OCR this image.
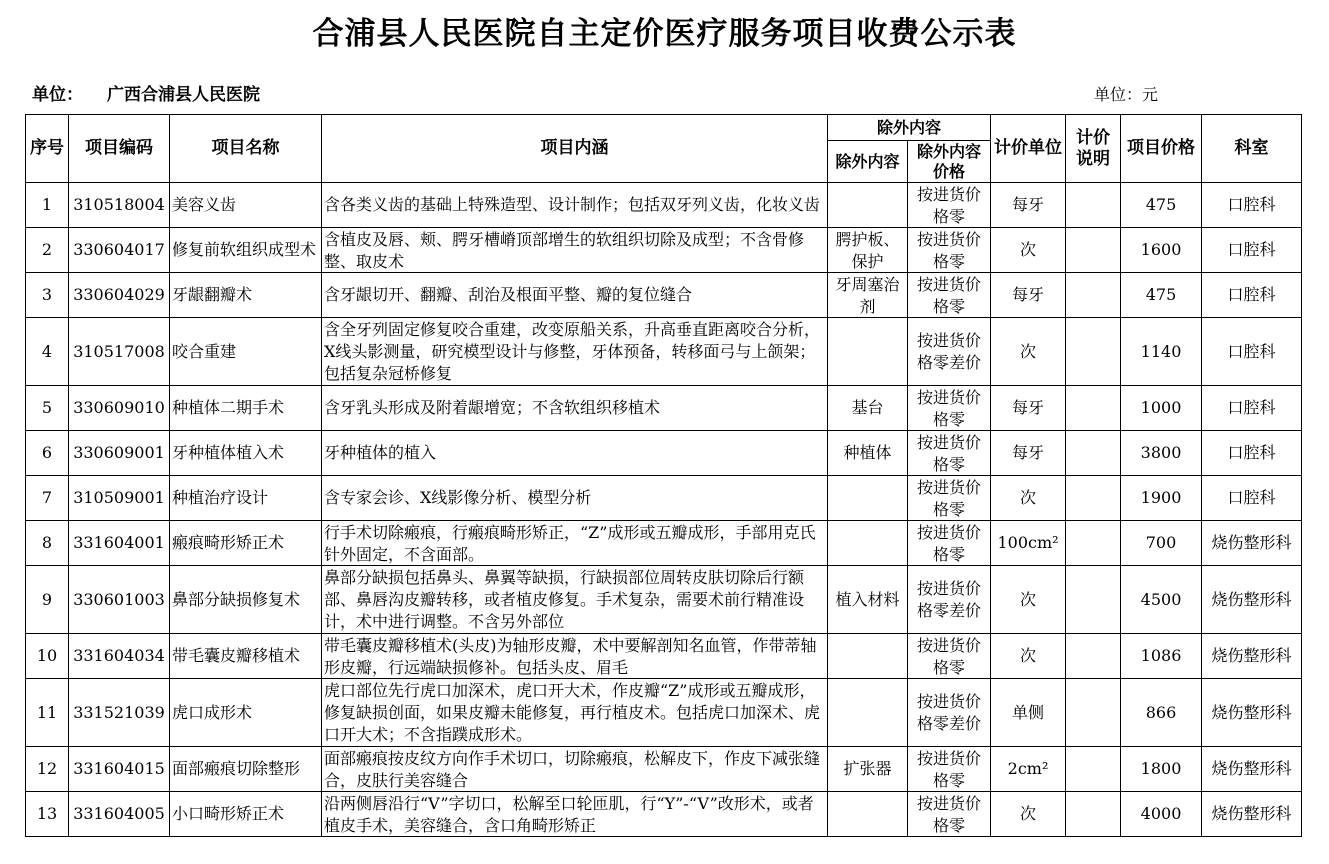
合浦县人民医院自主定价医疗服务项目收费公示表
单位： 广西合浦县人民医院	单位：元
序号	项目编码	项目名称	项目内涵	除外内容		计价单位	计价说明	项目价格	科室
				除外内容	除外内容价格				

1	310518004	美容义齿	含各类义齿的基础上特殊造型、设计制作；包括双牙列义齿，化妆义齿		按进货价格零	每牙		475	口腔科

2	330604017	修复前软组织成型术	含植皮及唇、颊、腭牙槽嵴顶部增生的软组织切除及成型；不含骨修整、取皮术	腭护板、保护	按进货价格零	次		1600	口腔科

3	330604029	牙龈翻瓣术	含牙龈切开、翻瓣、刮治及根面平整、瓣的复位缝合	牙周塞治剂	按进货价格零	每牙		475	口腔科

4	310517008	咬合重建	含全牙列固定修复咬合重建，改变原船关系，升高垂直距离咬合分析， X线头影测量，研究模型设计与修整，牙体预备，转移面弓与上颌架；包括复杂冠桥修复		按进货价格零差价	次		1140	口腔科

5	330609010	种植体二期手术	含牙乳头形成及附着龈增宽；不含软组织移植术	基台	按进货价格零	每牙		1000	口腔科

6	330609001	牙种植体植入术	牙种植体的植入	种植体	按进货价格零	每牙		3800	口腔科

7	310509001	种植治疗设计	含专家会诊、X线影像分析、模型分析		按进货价格零	次		1900	口腔科

8	331604001	瘢痕畸形矫正术	行手术切除瘢痕，行瘢痕畸形矫正，“Z”成形或五瓣成形，手部用克氏针外固定，不含面部。		按进货价格零	100cm²		700	烧伤整形科

9	330601003	鼻部分缺损修复术	鼻部分缺损包括鼻头、鼻翼等缺损，行缺损部位周转皮肤切除后行额部、鼻唇沟皮瓣转移，或者植皮修复。手术复杂，需要术前行精准设计，术中进行调整。不含另外部位	植入材料	按进货价格零差价	次		4500	烧伤整形科

10	331604034	带毛囊皮瓣移植术	带毛囊皮瓣移植术(头皮)为轴形皮瓣，术中要解剖知名血管，作带蒂轴形皮瓣，行远端缺损修补。包括头皮、眉毛		按进货价格零	次		1086	烧伤整形科

11	331521039	虎口成形术	虎口部位先行虎口加深术，虎口开大术，作皮瓣“Z”成形或五瓣成形，修复缺损创面，如果皮瓣未能修复，再行植皮术。包括虎口加深术、虎口开大术；不含指蹼成形术。		按进货价格零差价	单侧		866	烧伤整形科

12	331604015	面部瘢痕切除整形	面部瘢痕按皮纹方向作手术切口，切除瘢痕，松解皮下，作皮下减张缝合，皮肤行美容缝合	扩张器	按进货价格零	2cm²		1800	烧伤整形科

13	331604005	小口畸形矫正术	沿两侧唇沿行“V”字切口，松解至口轮匝肌，行“Y”-“V”改形术，或者植皮手术，美容缝合，含口角畸形矫正		按进货价格零	次		4000	烧伤整形科
